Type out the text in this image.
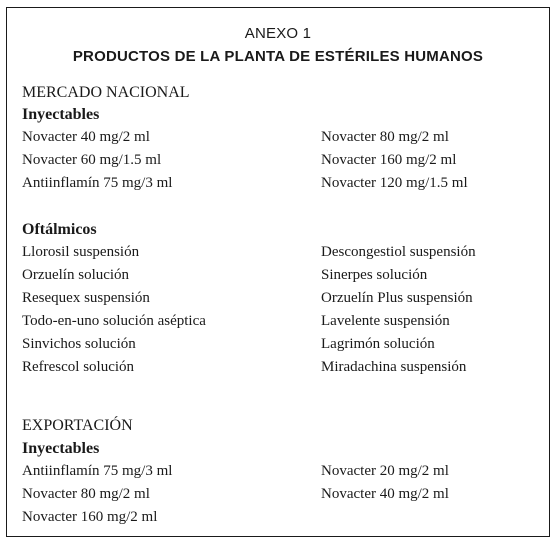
ANEXO 1
PRODUCTOS DE LA PLANTA DE ESTÉRILES HUMANOS
MERCADO NACIONAL
Inyectables
Novacter 40 mg/2 ml
Novacter 60 mg/1.5 ml
Antiinflamín 75 mg/3 ml
Novacter 80 mg/2 ml
Novacter 160 mg/2 ml
Novacter 120 mg/1.5 ml
Oftálmicos
Llorosil suspensión
Orzuelín solución
Resequex suspensión
Todo-en-uno solución aséptica
Sinvichos solución
Refrescol solución
Descongestiol suspensión
Sinerpes solución
Orzuelín Plus suspensión
Lavelente suspensión
Lagrimón solución
Miradachina suspensión
EXPORTACIÓN
Inyectables
Antiinflamín 75 mg/3 ml
Novacter 80 mg/2 ml
Novacter 160 mg/2 ml
Novacter 20 mg/2 ml
Novacter 40 mg/2 ml
